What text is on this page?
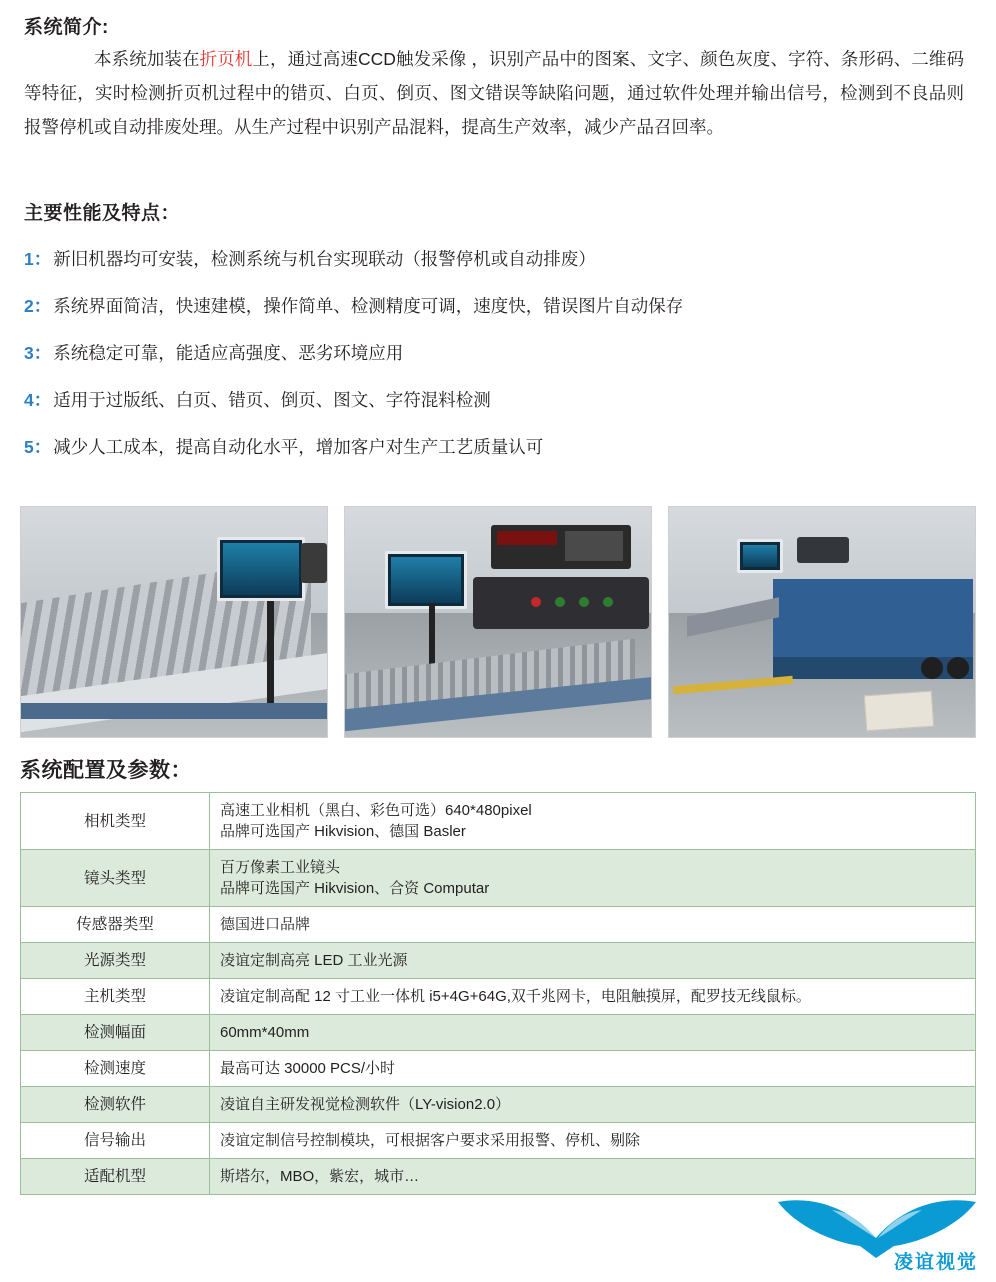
系统简介:
本系统加装在折页机上，通过高速CCD触发采像 ，识别产品中的图案、文字、颜色灰度、字符、条形码、二维码等特征，实时检测折页机过程中的错页、白页、倒页、图文错误等缺陷问题，通过软件处理并输出信号，检测到不良品则报警停机或自动排废处理。从生产过程中识别产品混料，提高生产效率，减少产品召回率。
主要性能及特点：
1： 新旧机器均可安装，检测系统与机台实现联动（报警停机或自动排废）
2： 系统界面简洁，快速建模，操作简单、检测精度可调，速度快，错误图片自动保存
3： 系统稳定可靠，能适应高强度、恶劣环境应用
4： 适用于过版纸、白页、错页、倒页、图文、字符混料检测
5： 减少人工成本，提高自动化水平，增加客户对生产工艺质量认可
系统配置及参数：
相机类型	高速工业相机（黑白、彩色可选）640*480pixel
品牌可选国产 Hikvision、德国 Basler

镜头类型	百万像素工业镜头
品牌可选国产 Hikvision、合资 Computar

传感器类型	德国进口品牌

光源类型	凌谊定制高亮 LED 工业光源

主机类型	凌谊定制高配 12 寸工业一体机 i5+4G+64G,双千兆网卡，电阻触摸屏，配罗技无线鼠标。

检测幅面	60mm*40mm

检测速度	最高可达 30000 PCS/小时

检测软件	凌谊自主研发视觉检测软件（LY-vision2.0）

信号输出	凌谊定制信号控制模块，可根据客户要求采用报警、停机、剔除

适配机型	斯塔尔，MBO，紫宏，城市…
凌谊视觉
